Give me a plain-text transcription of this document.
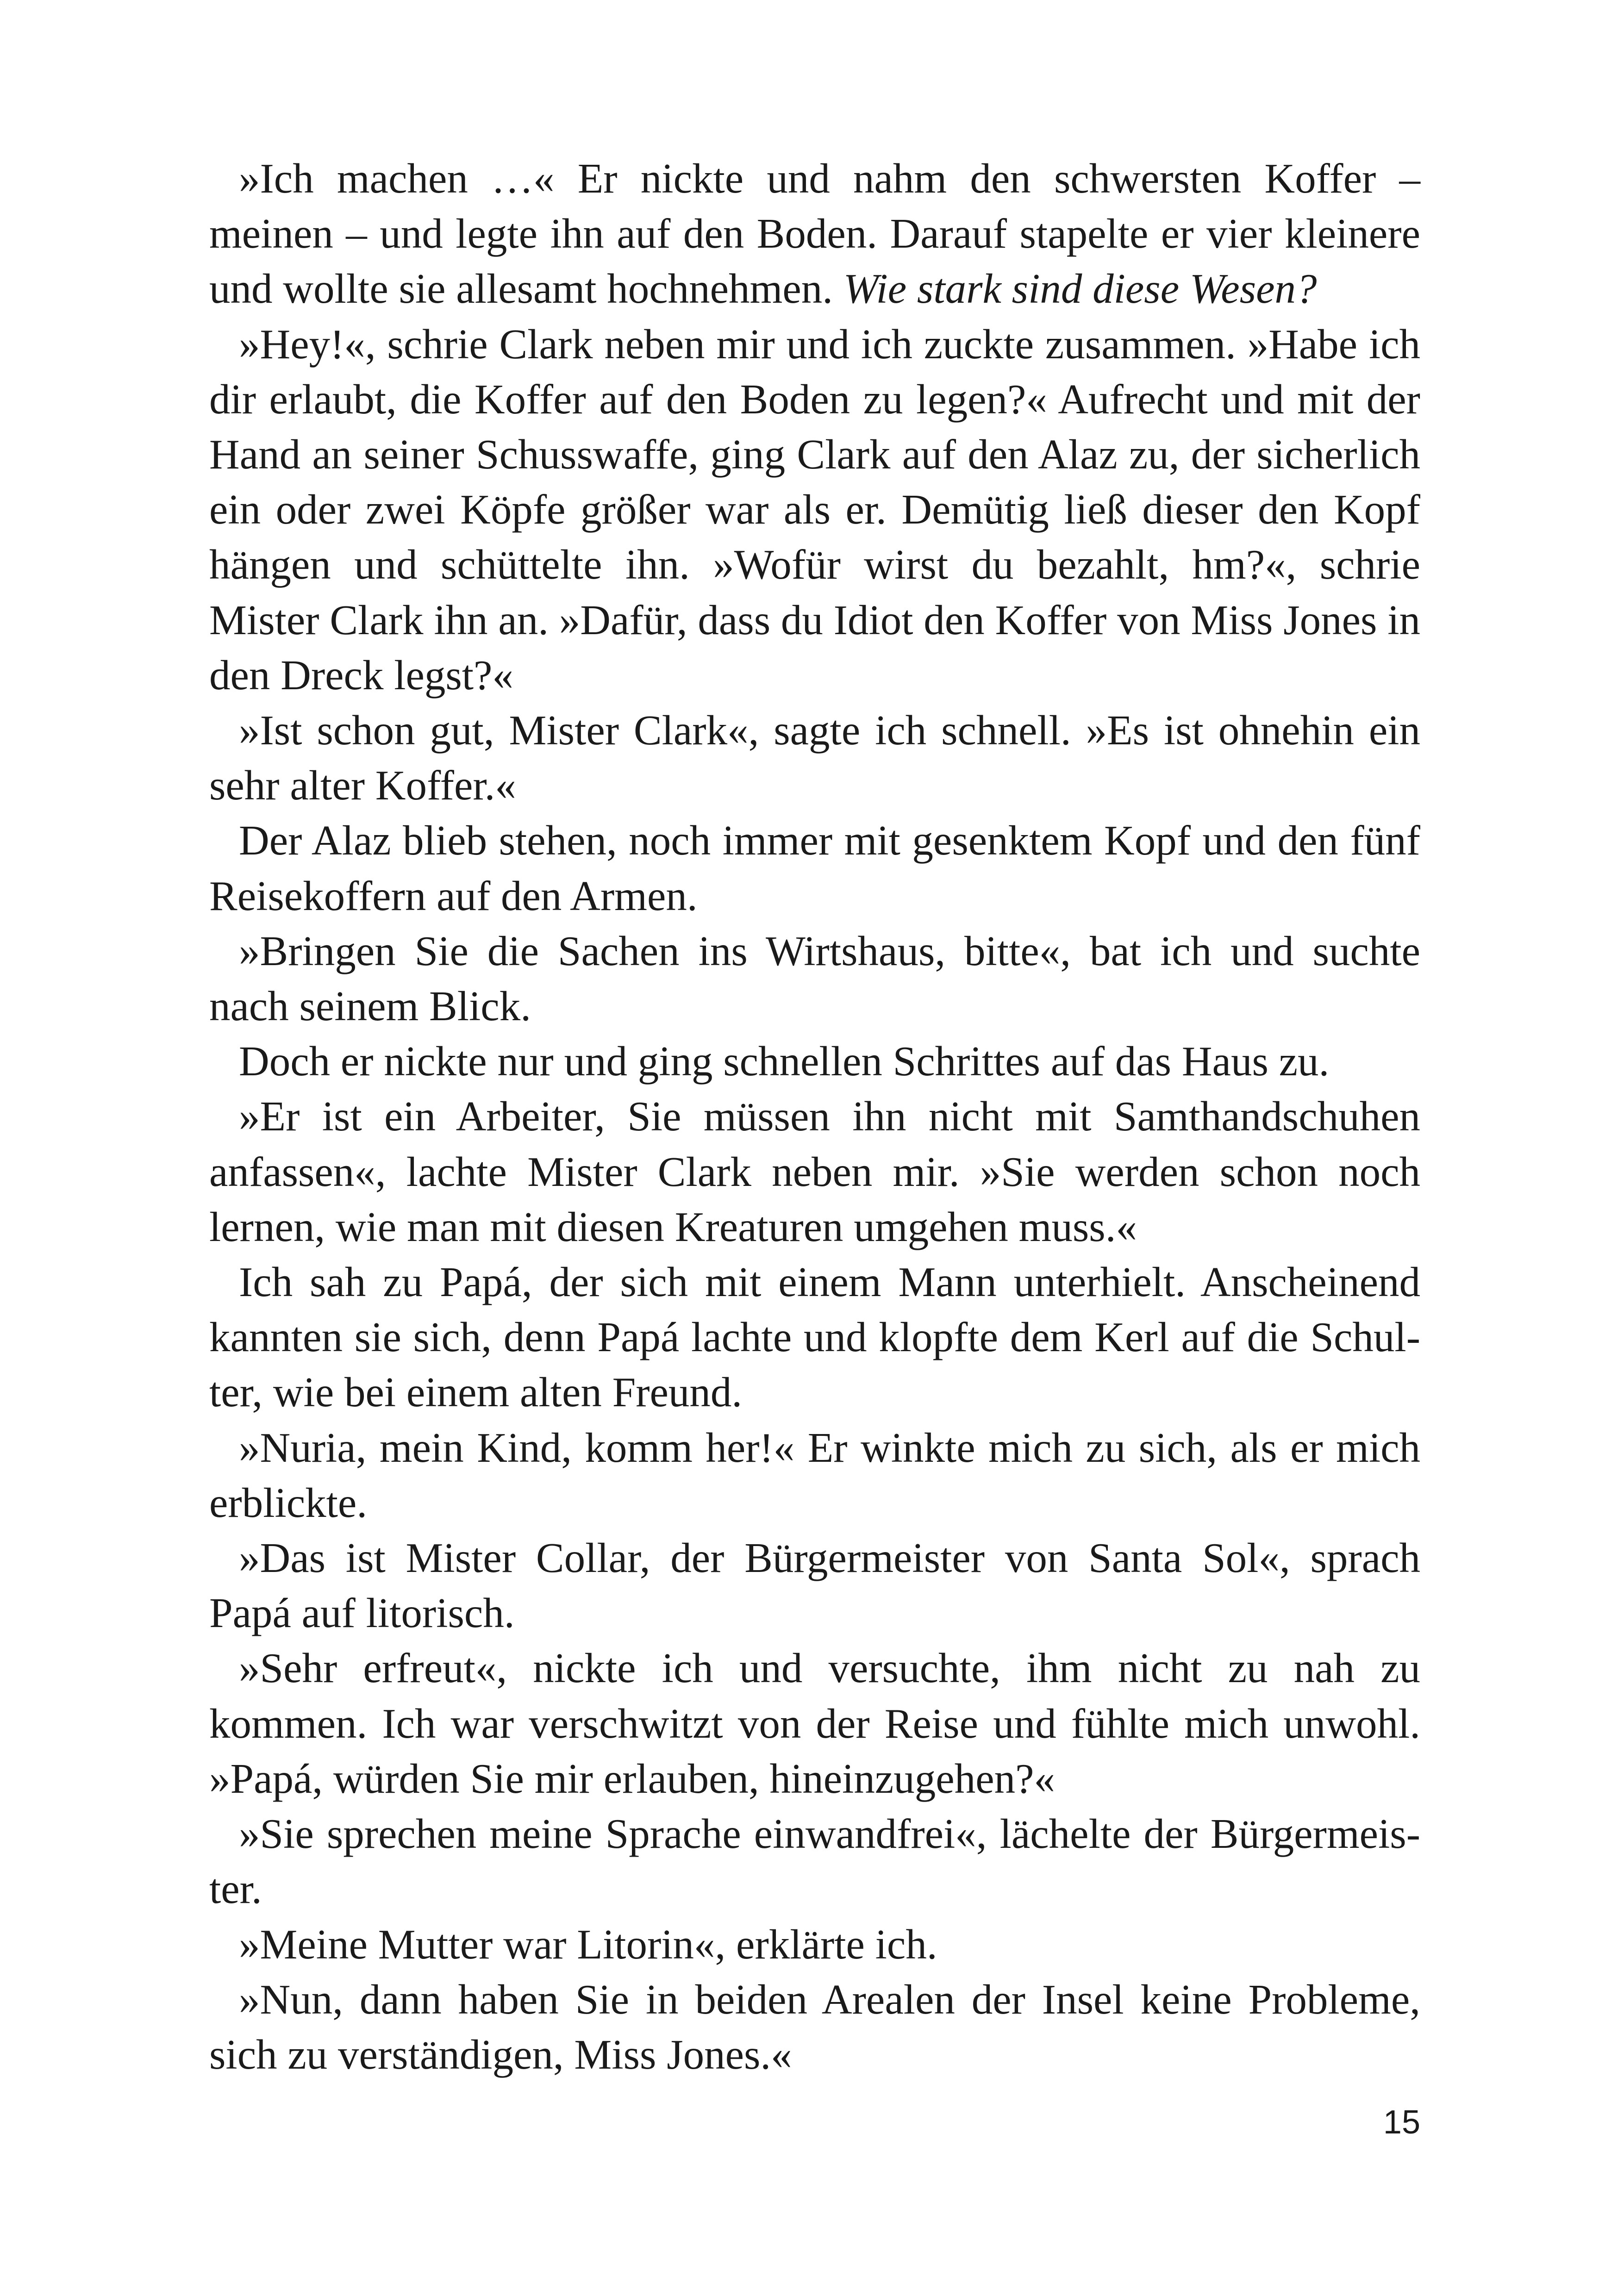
»Ich machen …« Er nickte und nahm den schwersten Koffer – meinen – und legte ihn auf den Boden. Darauf stapelte er vier kleinere und wollte sie allesamt hochnehmen. Wie stark sind diese Wesen?

»Hey!«, schrie Clark neben mir und ich zuckte zusammen. »Habe ich dir erlaubt, die Koffer auf den Boden zu legen?« Aufrecht und mit der Hand an seiner Schusswaffe, ging Clark auf den Alaz zu, der sicherlich ein oder zwei Köpfe größer war als er. Demütig ließ dieser den Kopf hängen und schüttelte ihn. »Wofür wirst du bezahlt, hm?«, schrie Mister Clark ihn an. »Dafür, dass du Idiot den Koffer von Miss Jones in den Dreck legst?«

»Ist schon gut, Mister Clark«, sagte ich schnell. »Es ist ohnehin ein sehr alter Koffer.«

Der Alaz blieb stehen, noch immer mit gesenktem Kopf und den fünf Reisekoffern auf den Armen.

»Bringen Sie die Sachen ins Wirtshaus, bitte«, bat ich und suchte nach seinem Blick.

Doch er nickte nur und ging schnellen Schrittes auf das Haus zu.

»Er ist ein Arbeiter, Sie müssen ihn nicht mit Samthandschuhen anfassen«, lachte Mister Clark neben mir. »Sie werden schon noch lernen, wie man mit diesen Kreaturen umgehen muss.«

Ich sah zu Papá, der sich mit einem Mann unterhielt. Anscheinend kannten sie sich, denn Papá lachte und klopfte dem Kerl auf die Schulter, wie bei einem alten Freund.

»Nuria, mein Kind, komm her!« Er winkte mich zu sich, als er mich erblickte.

»Das ist Mister Collar, der Bürgermeister von Santa Sol«, sprach Papá auf litorisch.

»Sehr erfreut«, nickte ich und versuchte, ihm nicht zu nah zu kommen. Ich war verschwitzt von der Reise und fühlte mich unwohl. »Papá, würden Sie mir erlauben, hineinzugehen?«

»Sie sprechen meine Sprache einwandfrei«, lächelte der Bürgermeister.

»Meine Mutter war Litorin«, erklärte ich.

»Nun, dann haben Sie in beiden Arealen der Insel keine Probleme, sich zu verständigen, Miss Jones.«

15
